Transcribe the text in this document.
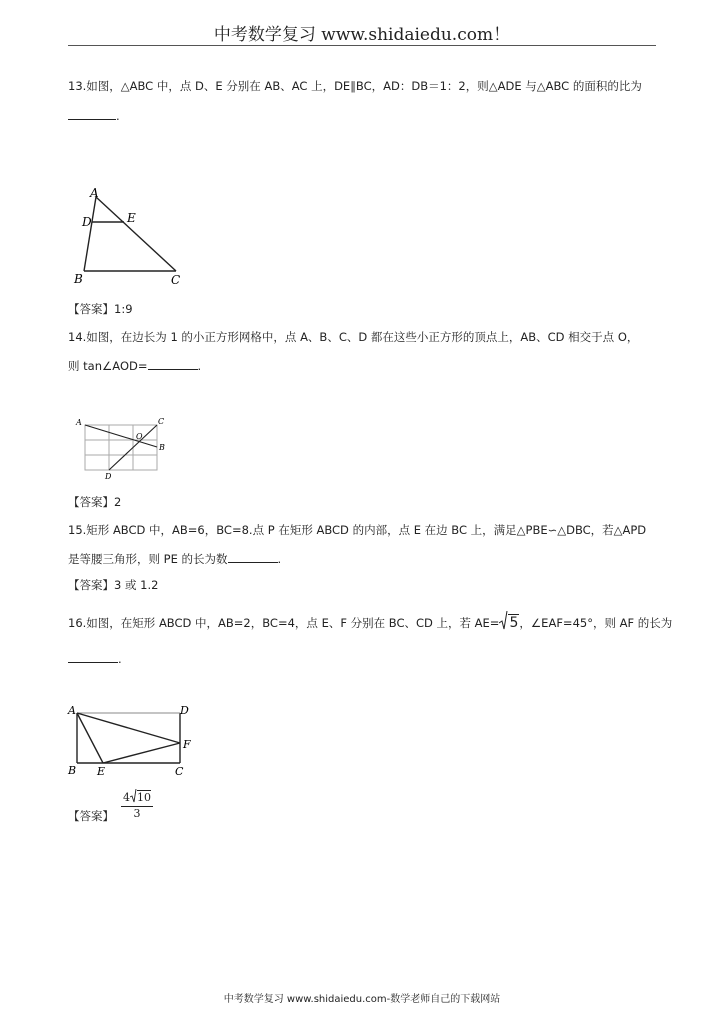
中考数学复习 www.shidaiedu.com！
13.如图，△ABC 中，点 D、E 分别在 AB、AC 上，DE∥BC，AD：DB＝1：2，则△ADE 与△ABC 的面积的比为
.
A
D	E
B	C
【答案】1:9
14.如图，在边长为 1 的小正方形网格中，点 A、B、C、D 都在这些小正方形的顶点上，AB、CD 相交于点 O，
则 tan∠AOD=	.
A	C
O
B
D
【答案】2
15.矩形 ABCD 中，AB=6，BC=8.点 P 在矩形 ABCD 的内部，点 E 在边 BC 上，满足△PBE∽△DBC，若△APD
是等腰三角形，则 PE 的长为数	.
【答案】3 或 1.2
16.如图，在矩形 ABCD 中，AB=2，BC=4，点 E、F 分别在 BC、CD 上，若 AE= 5，∠EAF=45°，则 AF 的长为
.
A	D
F
B E	C
【答案】
4 10
3
中考数学复习 www.shidaiedu.com-数学老师自己的下载网站
